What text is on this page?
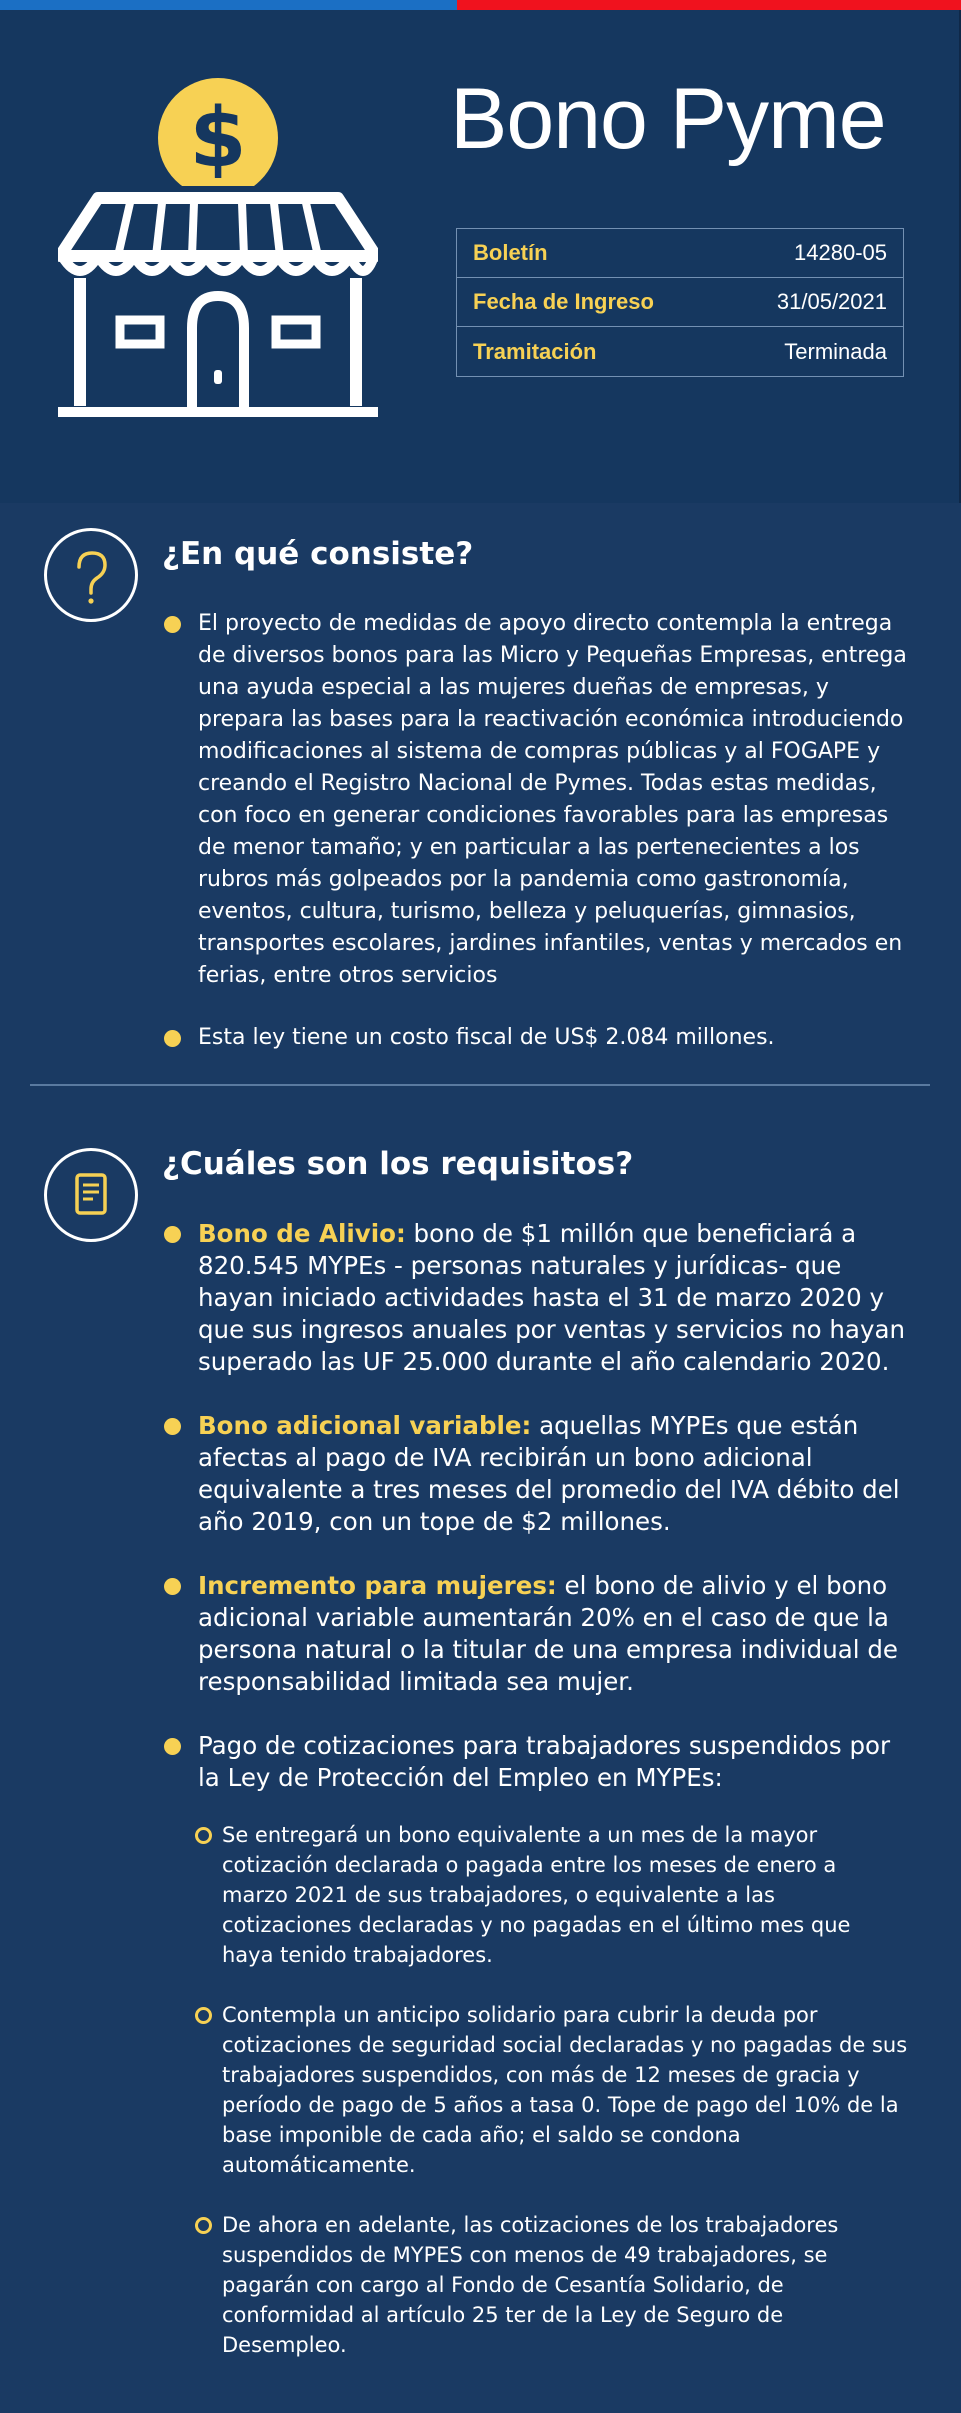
$ Bono Pyme
Boletín	14280-05
Fecha de Ingreso	31/05/2021
Tramitación	Terminada
¿En qué consiste?
El proyecto de medidas de apoyo directo contempla la entrega de diversos bonos para las Micro y Pequeñas Empresas, entrega una ayuda especial a las mujeres dueñas de empresas, y prepara las bases para la reactivación económica introduciendo modificaciones al sistema de compras públicas y al FOGAPE y creando el Registro Nacional de Pymes. Todas estas medidas, con foco en generar condiciones favorables para las empresas de menor tamaño; y en particular a las pertenecientes a los rubros más golpeados por la pandemia como gastronomía, eventos, cultura, turismo, belleza y peluquerías, gimnasios, transportes escolares, jardines infantiles, ventas y mercados en ferias, entre otros servicios
Esta ley tiene un costo fiscal de US$ 2.084 millones.
¿Cuáles son los requisitos?
Bono de Alivio: bono de $1 millón que beneficiará a 820.545 MYPEs - personas naturales y jurídicas- que hayan iniciado actividades hasta el 31 de marzo 2020 y que sus ingresos anuales por ventas y servicios no hayan superado las UF 25.000 durante el año calendario 2020.
Bono adicional variable: aquellas MYPEs que están afectas al pago de IVA recibirán un bono adicional equivalente a tres meses del promedio del IVA débito del año 2019, con un tope de $2 millones.
Incremento para mujeres: el bono de alivio y el bono adicional variable aumentarán 20% en el caso de que la persona natural o la titular de una empresa individual de responsabilidad limitada sea mujer.
Pago de cotizaciones para trabajadores suspendidos por la Ley de Protección del Empleo en MYPEs:
Se entregará un bono equivalente a un mes de la mayor cotización declarada o pagada entre los meses de enero a marzo 2021 de sus trabajadores, o equivalente a las cotizaciones declaradas y no pagadas en el último mes que haya tenido trabajadores.
Contempla un anticipo solidario para cubrir la deuda por cotizaciones de seguridad social declaradas y no pagadas de sus trabajadores suspendidos, con más de 12 meses de gracia y período de pago de 5 años a tasa 0. Tope de pago del 10% de la base imponible de cada año; el saldo se condona automáticamente.
De ahora en adelante, las cotizaciones de los trabajadores suspendidos de MYPES con menos de 49 trabajadores, se pagarán con cargo al Fondo de Cesantía Solidario, de conformidad al artículo 25 ter de la Ley de Seguro de Desempleo.
